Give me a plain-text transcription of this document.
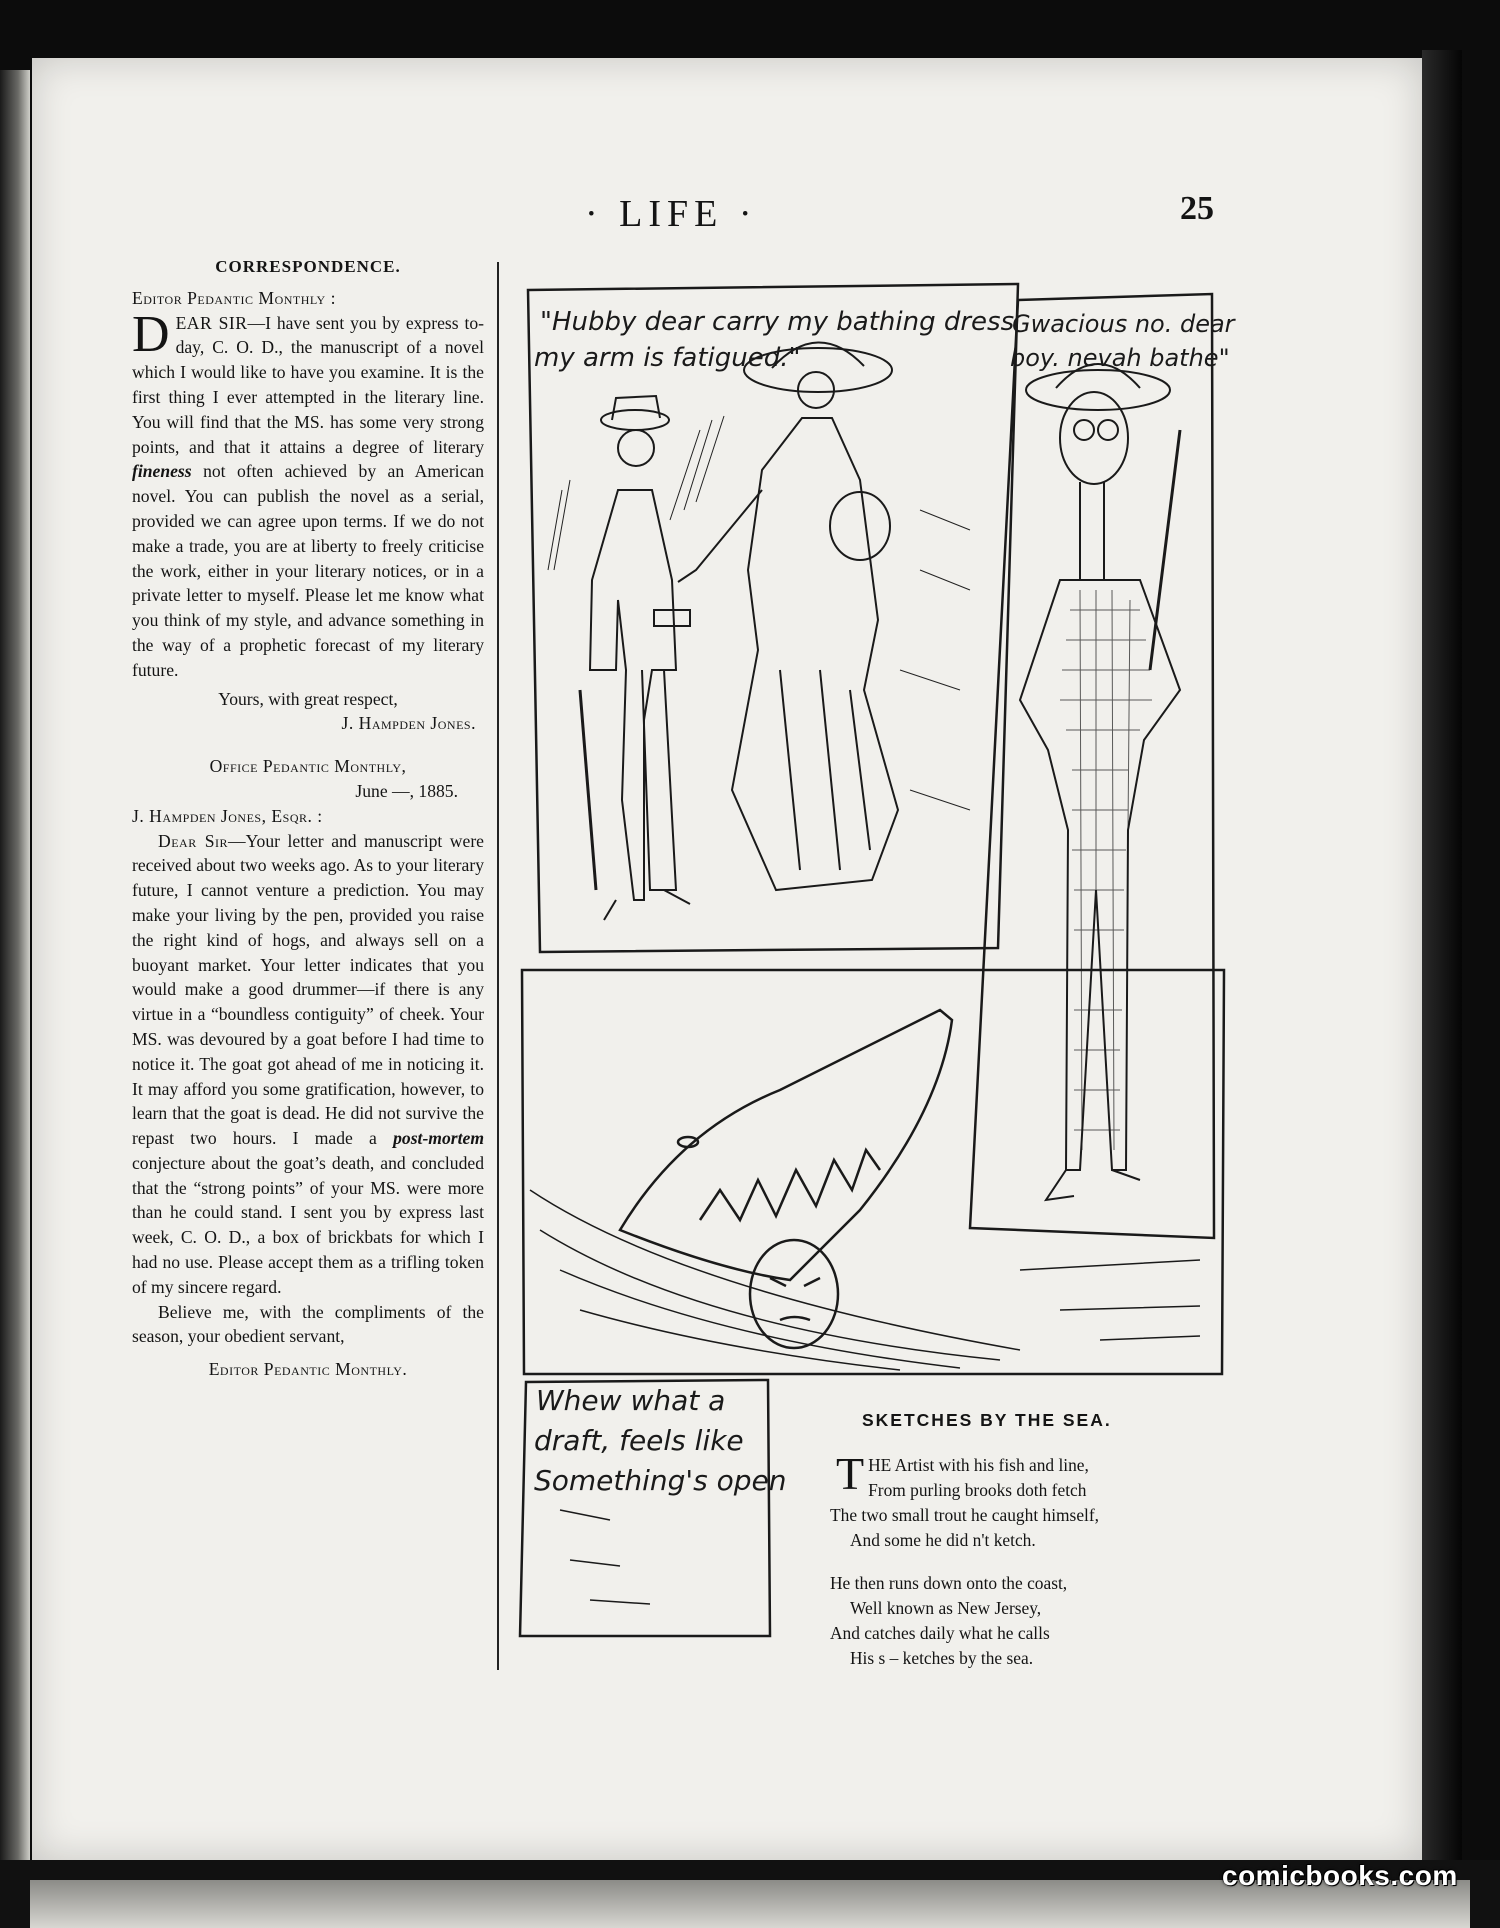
· LIFE ·	25
CORRESPONDENCE.

Editor Pedantic Monthly :

DEAR SIR—I have sent you by express to-day, C. O. D., the manuscript of a novel which I would like to have you examine. It is the first thing I ever attempted in the literary line. You will find that the MS. has some very strong points, and that it attains a degree of literary fineness not often achieved by an American novel. You can publish the novel as a serial, provided we can agree upon terms. If we do not make a trade, you are at liberty to freely criticise the work, either in your literary notices, or in a private letter to myself. Please let me know what you think of my style, and advance something in the way of a prophetic forecast of my literary future.

Yours, with great respect,

J. Hampden Jones.

Office Pedantic Monthly,

June —, 1885.

J. Hampden Jones, Esqr. :

Dear Sir—Your letter and manuscript were received about two weeks ago. As to your literary future, I cannot venture a prediction. You may make your living by the pen, provided you raise the right kind of hogs, and always sell on a buoyant market. Your letter indicates that you would make a good drummer—if there is any virtue in a “boundless contiguity” of cheek. Your MS. was devoured by a goat before I had time to notice it. The goat got ahead of me in noticing it. It may afford you some gratification, however, to learn that the goat is dead. He did not survive the repast two hours. I made a post-mortem conjecture about the goat’s death, and concluded that the “strong points” of your MS. were more than he could stand. I sent you by express last week, C. O. D., a box of brickbats for which I had no use. Please accept them as a trifling token of my sincere regard.

Believe me, with the compliments of the season, your obedient servant,

Editor Pedantic Monthly.

"Hubby dear carry my bathing dress
my arm is fatigued."
Gwacious no. dear
boy. nevah bathe"
Whew what a
draft, feels like
Something's open
SKETCHES BY THE SEA.
T HE Artist with his fish and line,
From purling brooks doth fetch
The two small trout he caught himself,
And some he did n't ketch.
He then runs down onto the coast,
Well known as New Jersey,
And catches daily what he calls
His s – ketches by the sea.
comicbooks.com
